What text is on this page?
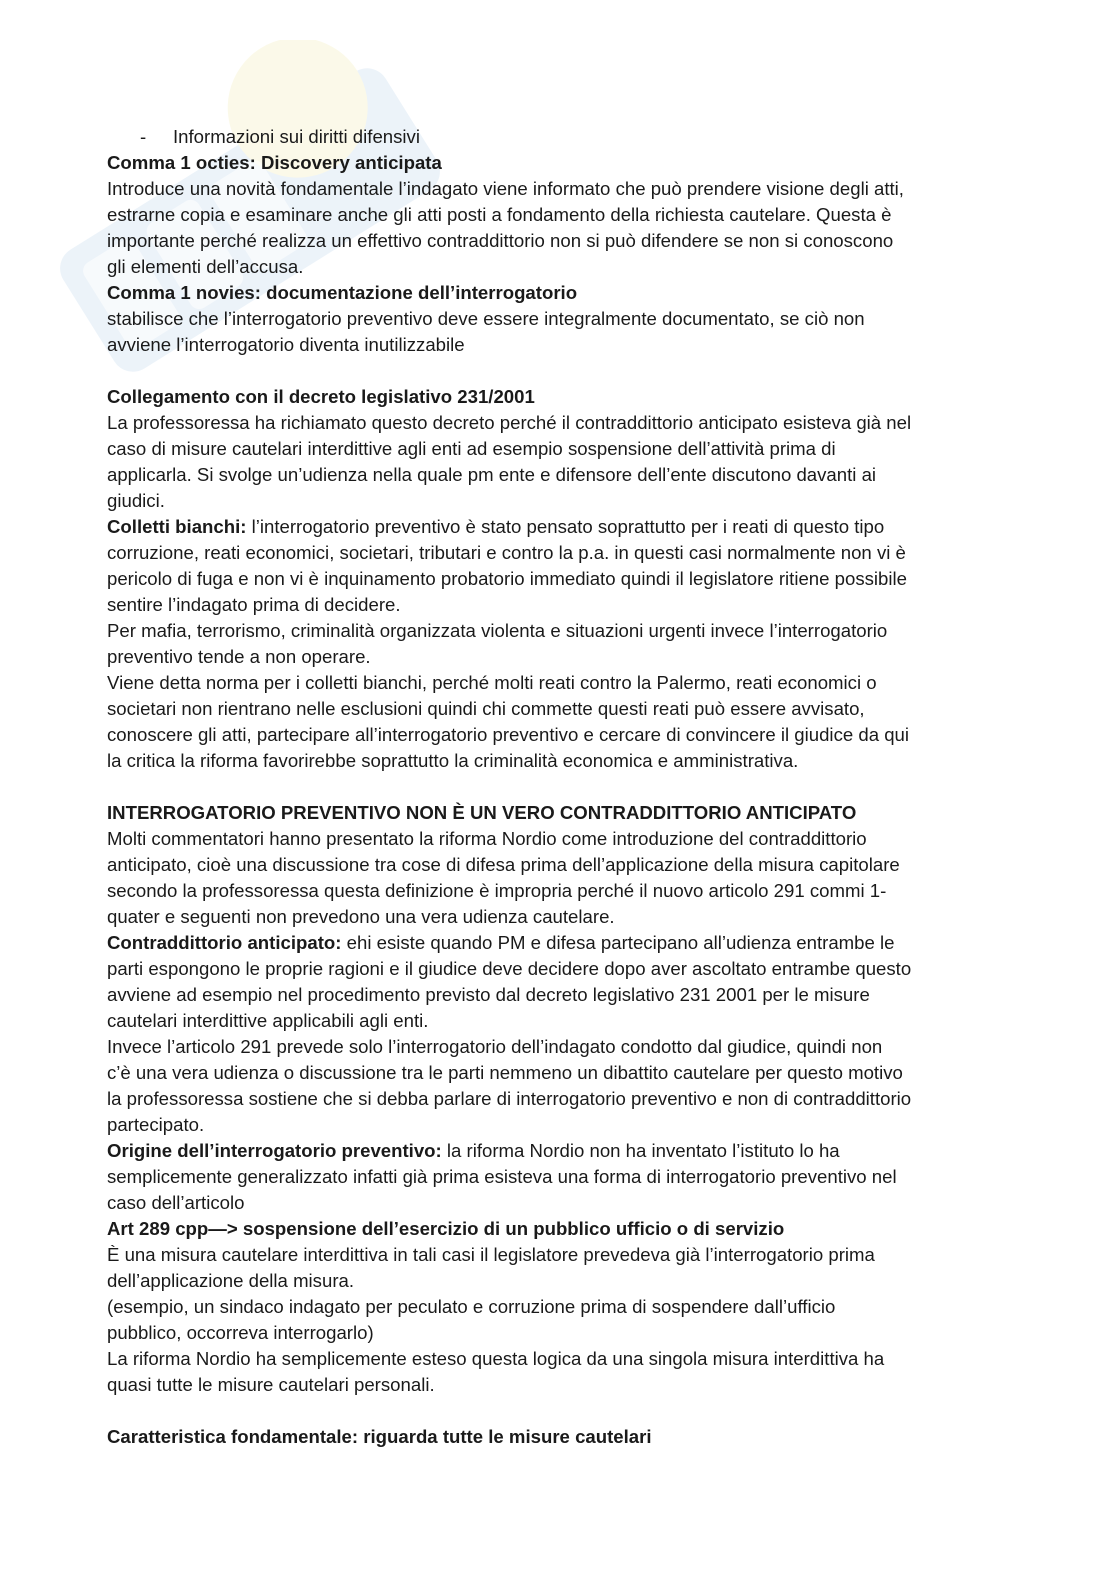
- Informazioni sui diritti difensivi
Comma 1 octies: Discovery anticipata
Introduce una novità fondamentale l’indagato viene informato che può prendere visione degli atti,
estrarne copia e esaminare anche gli atti posti a fondamento della richiesta cautelare. Questa è
importante perché realizza un effettivo contraddittorio non si può difendere se non si conoscono
gli elementi dell’accusa.
Comma 1 novies: documentazione dell’interrogatorio
stabilisce che l’interrogatorio preventivo deve essere integralmente documentato, se ciò non
avviene l’interrogatorio diventa inutilizzabile
Collegamento con il decreto legislativo 231/2001
La professoressa ha richiamato questo decreto perché il contraddittorio anticipato esisteva già nel
caso di misure cautelari interdittive agli enti ad esempio sospensione dell’attività prima di
applicarla. Si svolge un’udienza nella quale pm ente e difensore dell’ente discutono davanti ai
giudici.
Colletti bianchi: l’interrogatorio preventivo è stato pensato soprattutto per i reati di questo tipo
corruzione, reati economici, societari, tributari e contro la p.a. in questi casi normalmente non vi è
pericolo di fuga e non vi è inquinamento probatorio immediato quindi il legislatore ritiene possibile
sentire l’indagato prima di decidere.
Per mafia, terrorismo, criminalità organizzata violenta e situazioni urgenti invece l’interrogatorio
preventivo tende a non operare.
Viene detta norma per i colletti bianchi, perché molti reati contro la Palermo, reati economici o
societari non rientrano nelle esclusioni quindi chi commette questi reati può essere avvisato,
conoscere gli atti, partecipare all’interrogatorio preventivo e cercare di convincere il giudice da qui
la critica la riforma favorirebbe soprattutto la criminalità economica e amministrativa.
INTERROGATORIO PREVENTIVO NON È UN VERO CONTRADDITTORIO ANTICIPATO
Molti commentatori hanno presentato la riforma Nordio come introduzione del contraddittorio
anticipato, cioè una discussione tra cose di difesa prima dell’applicazione della misura capitolare
secondo la professoressa questa definizione è impropria perché il nuovo articolo 291 commi 1-
quater e seguenti non prevedono una vera udienza cautelare.
Contraddittorio anticipato: ehi esiste quando PM e difesa partecipano all’udienza entrambe le
parti espongono le proprie ragioni e il giudice deve decidere dopo aver ascoltato entrambe questo
avviene ad esempio nel procedimento previsto dal decreto legislativo 231 2001 per le misure
cautelari interdittive applicabili agli enti.
Invece l’articolo 291 prevede solo l’interrogatorio dell’indagato condotto dal giudice, quindi non
c’è una vera udienza o discussione tra le parti nemmeno un dibattito cautelare per questo motivo
la professoressa sostiene che si debba parlare di interrogatorio preventivo e non di contraddittorio
partecipato.
Origine dell’interrogatorio preventivo: la riforma Nordio non ha inventato l’istituto lo ha
semplicemente generalizzato infatti già prima esisteva una forma di interrogatorio preventivo nel
caso dell’articolo
Art 289 cpp—> sospensione dell’esercizio di un pubblico ufficio o di servizio
È una misura cautelare interdittiva in tali casi il legislatore prevedeva già l’interrogatorio prima
dell’applicazione della misura.
(esempio, un sindaco indagato per peculato e corruzione prima di sospendere dall’ufficio
pubblico, occorreva interrogarlo)
La riforma Nordio ha semplicemente esteso questa logica da una singola misura interdittiva ha
quasi tutte le misure cautelari personali.
Caratteristica fondamentale: riguarda tutte le misure cautelari
